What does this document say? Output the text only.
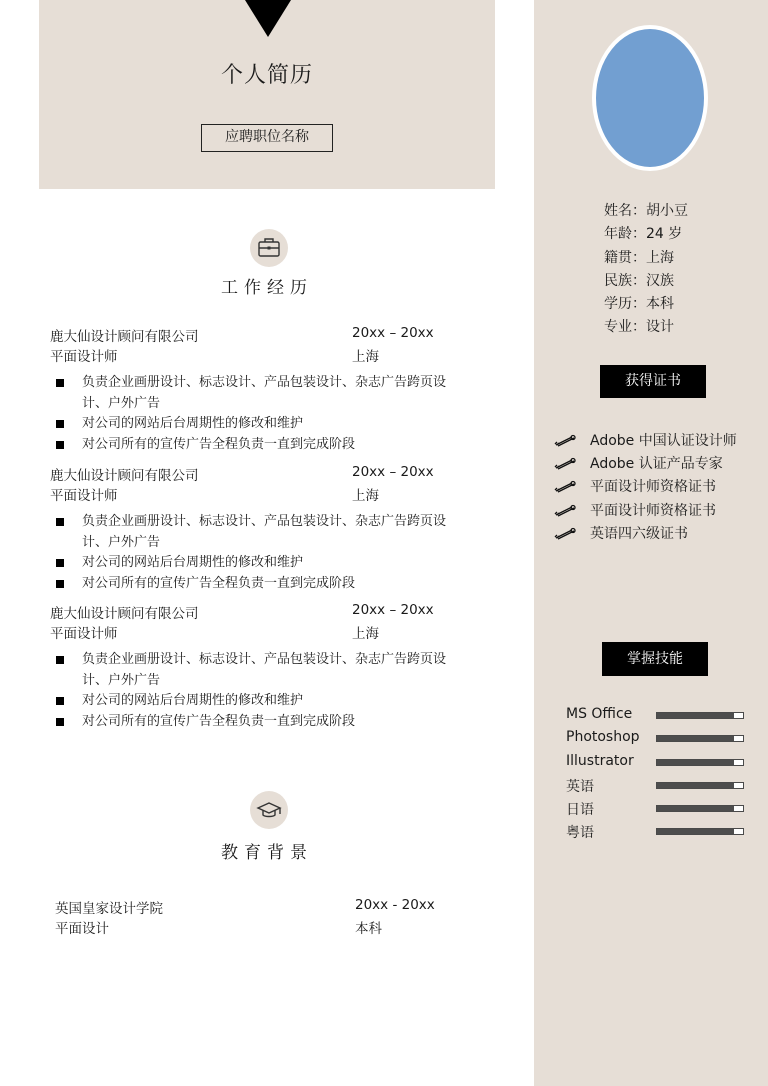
个人简历
应聘职位名称
姓名：胡小豆
年龄：24 岁
籍贯：上海
民族：汉族
学历：本科
专业：设计
获得证书
Adobe 中国认证设计师
Adobe 认证产品专家
平面设计师资格证书
平面设计师资格证书
英语四六级证书
掌握技能
MS Office
Photoshop
Illustrator
英语
日语
粤语
工作经历
鹿大仙设计顾问有限公司	20xx – 20xx
平面设计师	上海
负责企业画册设计、标志设计、产品包装设计、杂志广告跨页设计、户外广告
对公司的网站后台周期性的修改和维护
对公司所有的宣传广告全程负责一直到完成阶段
鹿大仙设计顾问有限公司	20xx – 20xx
平面设计师	上海
负责企业画册设计、标志设计、产品包装设计、杂志广告跨页设计、户外广告
对公司的网站后台周期性的修改和维护
对公司所有的宣传广告全程负责一直到完成阶段
鹿大仙设计顾问有限公司	20xx – 20xx
平面设计师	上海
负责企业画册设计、标志设计、产品包装设计、杂志广告跨页设计、户外广告
对公司的网站后台周期性的修改和维护
对公司所有的宣传广告全程负责一直到完成阶段
教育背景
英国皇家设计学院	20xx - 20xx
平面设计	本科
